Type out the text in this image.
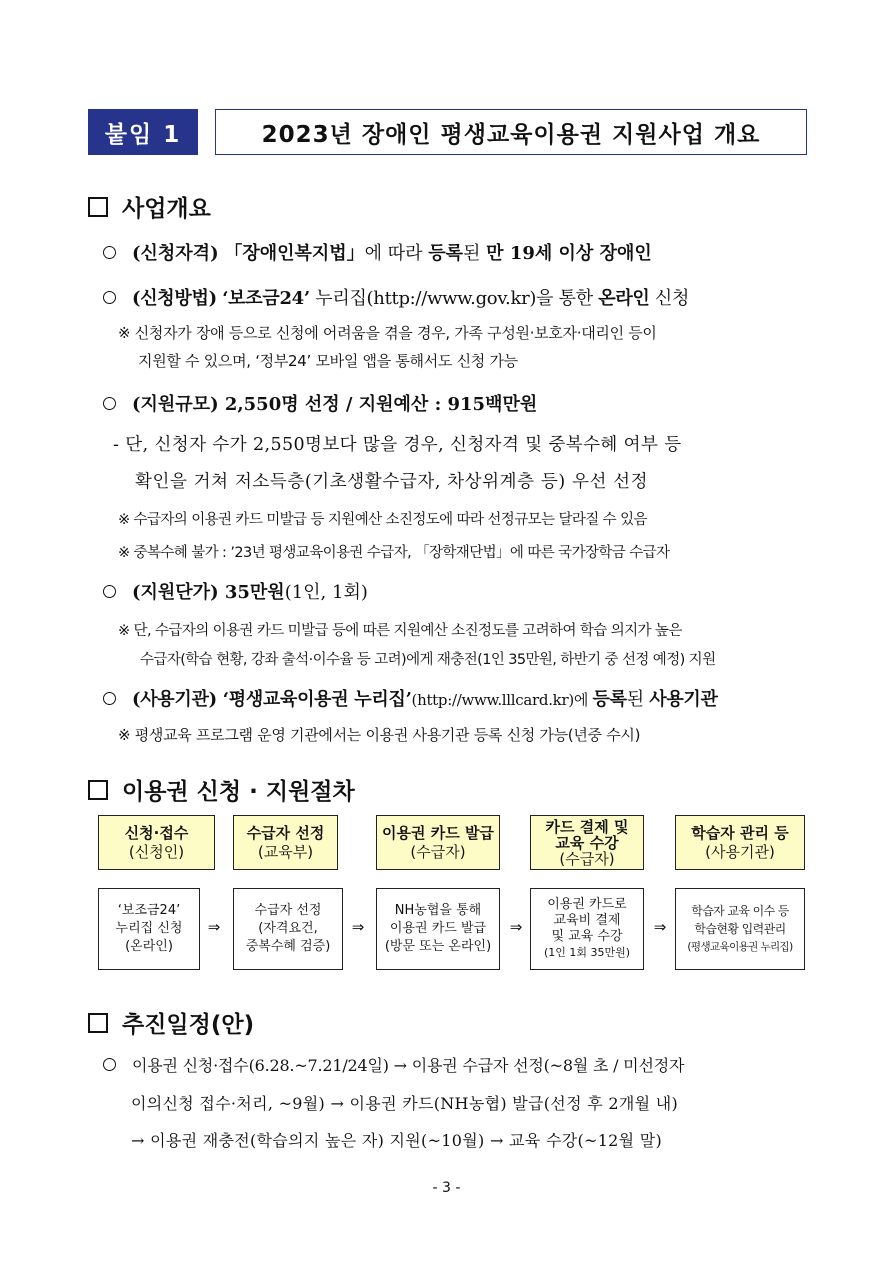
붙임 1	2023년 장애인 평생교육이용권 지원사업 개요
사업개요
(신청자격) 「장애인복지법」에 따라 등록된 만 19세 이상 장애인
(신청방법) ‘보조금24’ 누리집(http://www.gov.kr)을 통한 온라인 신청
※ 신청자가 장애 등으로 신청에 어려움을 겪을 경우, 가족 구성원·보호자·대리인 등이
지원할 수 있으며, ‘정부24’ 모바일 앱을 통해서도 신청 가능
(지원규모) 2,550명 선정 / 지원예산 : 915백만원
- 단, 신청자 수가 2,550명보다 많을 경우, 신청자격 및 중복수혜 여부 등
확인을 거쳐 저소득층(기초생활수급자, 차상위계층 등) 우선 선정
※ 수급자의 이용권 카드 미발급 등 지원예산 소진정도에 따라 선정규모는 달라질 수 있음
※ 중복수혜 불가 : ’23년 평생교육이용권 수급자, 「장학재단법」에 따른 국가장학금 수급자
(지원단가) 35만원(1인, 1회)
※ 단, 수급자의 이용권 카드 미발급 등에 따른 지원예산 소진정도를 고려하여 학습 의지가 높은
수급자(학습 현황, 강좌 출석·이수율 등 고려)에게 재충전(1인 35만원, 하반기 중 선정 예정) 지원
(사용기관) ‘평생교육이용권 누리집’(http://www.lllcard.kr)에 등록된 사용기관
※ 평생교육 프로그램 운영 기관에서는 이용권 사용기관 등록 신청 가능(년중 수시)
이용권 신청 · 지원절차
신청·접수
(신청인)
수급자 선정
(교육부)
이용권 카드 발급
(수급자)
카드 결제 및 교육 수강
(수급자)
학습자 관리 등
(사용기관)
‘보조금24’
누리집 신청
(온라인)
⇒
수급자 선정
(자격요건,
중복수혜 검증)
⇒
NH농협을 통해
이용권 카드 발급
(방문 또는 온라인)
⇒
이용권 카드로
교육비 결제
및 교육 수강
(1인 1회 35만원)
⇒
학습자 교육 이수 등
학습현황 입력관리
(평생교육이용권 누리집)
추진일정(안)
이용권 신청·접수(6.28.~7.21/24일) → 이용권 수급자 선정(~8월 초 / 미선정자
이의신청 접수·처리, ~9월) → 이용권 카드(NH농협) 발급(선정 후 2개월 내)
→ 이용권 재충전(학습의지 높은 자) 지원(~10월) → 교육 수강(~12월 말)
- 3 -
